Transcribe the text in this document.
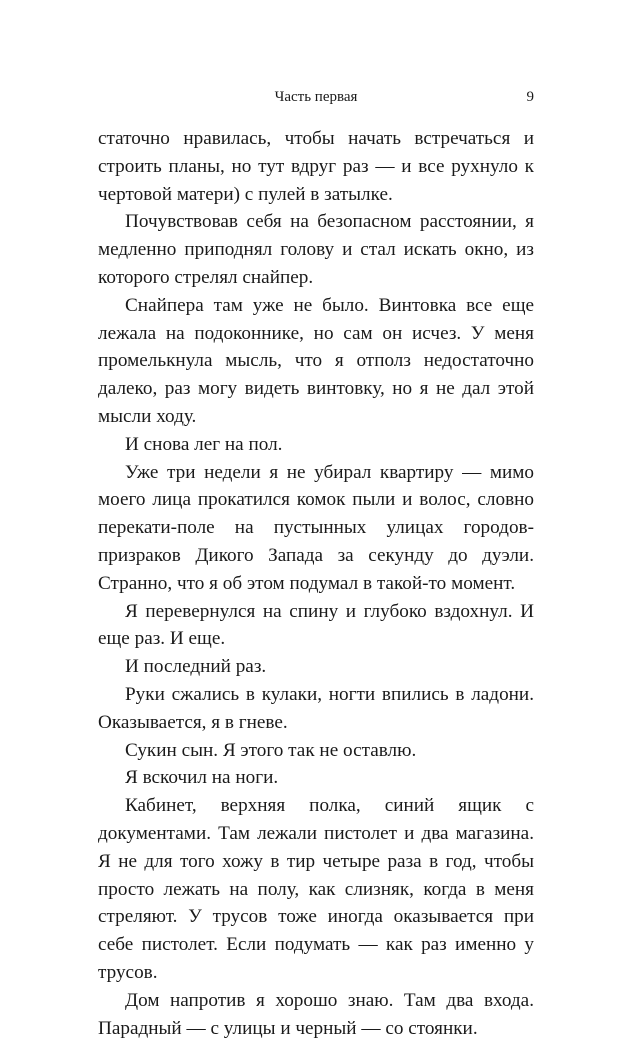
Часть первая	9

статочно нравилась, чтобы начать встречаться и строить планы, но тут вдруг раз — и все рухнуло к чертовой матери) с пулей в затылке.

Почувствовав себя на безопасном расстоянии, я медленно приподнял голову и стал искать окно, из которого стрелял снайпер.

Снайпера там уже не было. Винтовка все еще лежала на подоконнике, но сам он исчез. У меня промелькнула мысль, что я отполз недостаточно далеко, раз могу видеть винтовку, но я не дал этой мысли ходу.

И снова лег на пол.

Уже три недели я не убирал квартиру — мимо моего лица прокатился комок пыли и волос, словно перекати-поле на пустынных улицах городов-призраков Дикого Запада за секунду до дуэли. Странно, что я об этом подумал в такой-то момент.

Я перевернулся на спину и глубоко вздохнул. И еще раз. И еще.

И последний раз.

Руки сжались в кулаки, ногти впились в ладони. Оказывается, я в гневе.

Сукин сын. Я этого так не оставлю.

Я вскочил на ноги.

Кабинет, верхняя полка, синий ящик с документами. Там лежали пистолет и два магазина. Я не для того хожу в тир четыре раза в год, чтобы просто лежать на полу, как слизняк, когда в меня стреляют. У трусов тоже иногда оказывается при себе пистолет. Если подумать — как раз именно у трусов.

Дом напротив я хорошо знаю. Там два входа. Парадный — с улицы и черный — со стоянки.
